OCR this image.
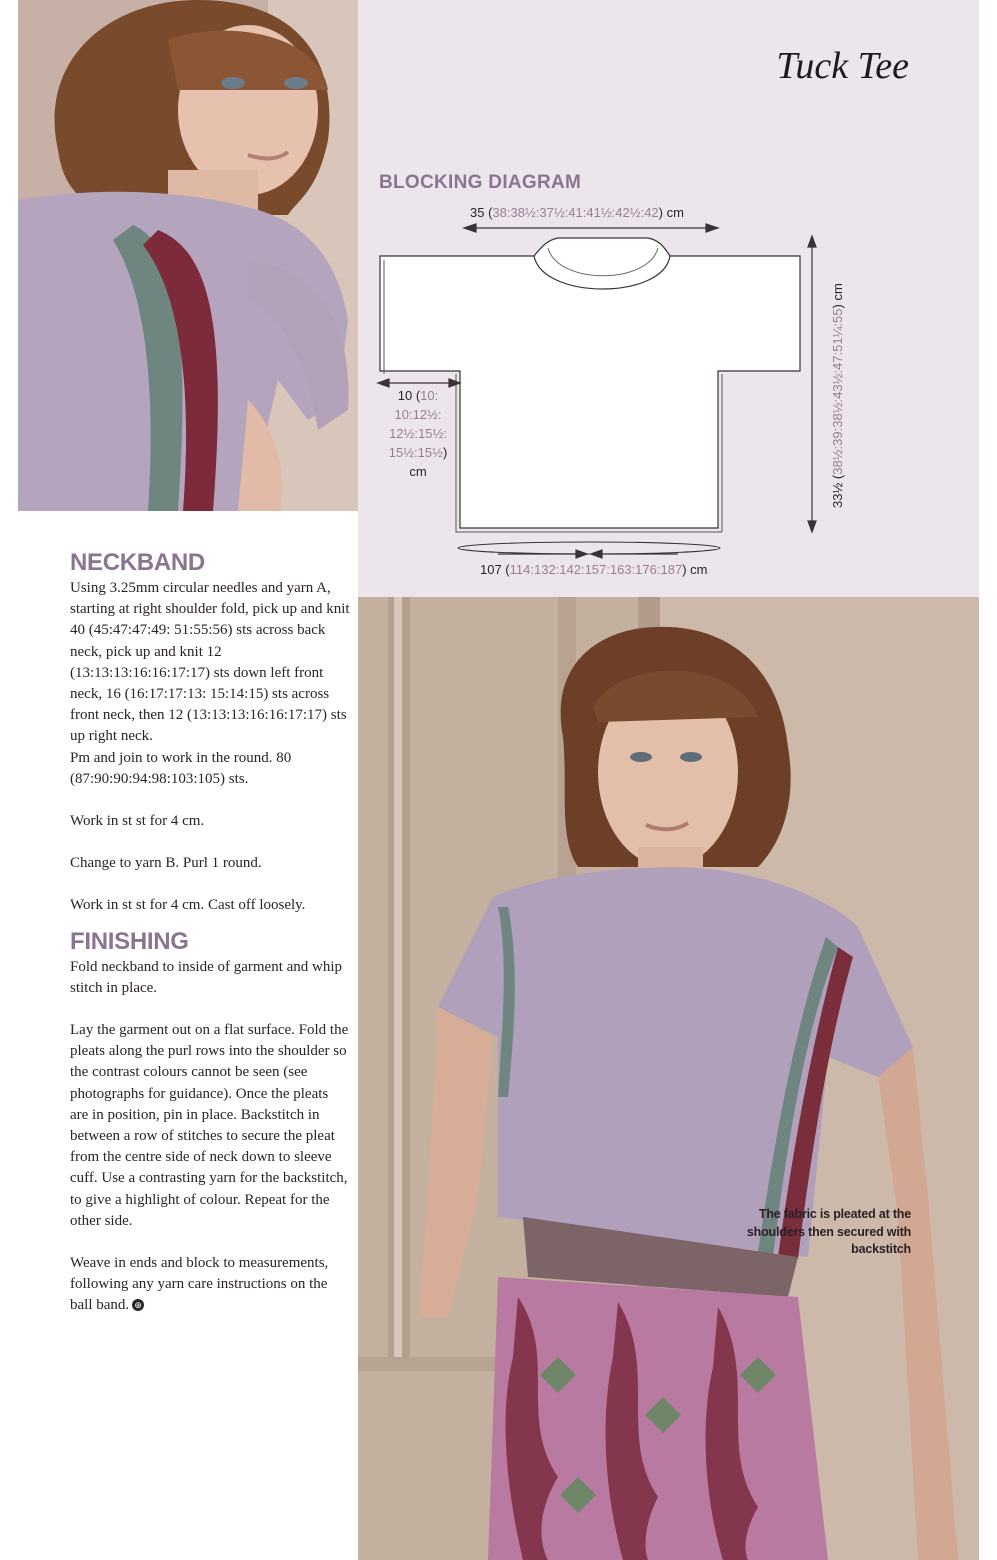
Tuck Tee
BLOCKING DIAGRAM
35 (38:38½:37½:41:41½:42½:42) cm
10 (10: 10:12½: 12½:15½: 15½:15½) cm
33½ (38½:39:38½:43½:47:51¼:55) cm
107 (114:132:142:157:163:176:187) cm
The fabric is pleated at the shoulders then secured with backstitch
NECKBAND

Using 3.25mm circular needles and yarn A, starting at right shoulder fold, pick up and knit 40 (45:47:47:49: 51:55:56) sts across back neck, pick up and knit 12 (13:13:13:16:16:17:17) sts down left front neck, 16 (16:17:17:13: 15:14:15) sts across front neck, then 12 (13:13:13:16:16:17:17) sts up right neck.

Pm and join to work in the round. 80 (87:90:90:94:98:103:105) sts.

Work in st st for 4 cm.

Change to yarn B. Purl 1 round.

Work in st st for 4 cm. Cast off loosely.

FINISHING

Fold neckband to inside of garment and whip stitch in place.

Lay the garment out on a flat surface. Fold the pleats along the purl rows into the shoulder so the contrast colours cannot be seen (see photographs for guidance). Once the pleats are in position, pin in place. Backstitch in between a row of stitches to secure the pleat from the centre side of neck down to sleeve cuff. Use a contrasting yarn for the backstitch, to give a highlight of colour. Repeat for the other side.

Weave in ends and block to measurements, following any yarn care instructions on the ball band. ⊕
